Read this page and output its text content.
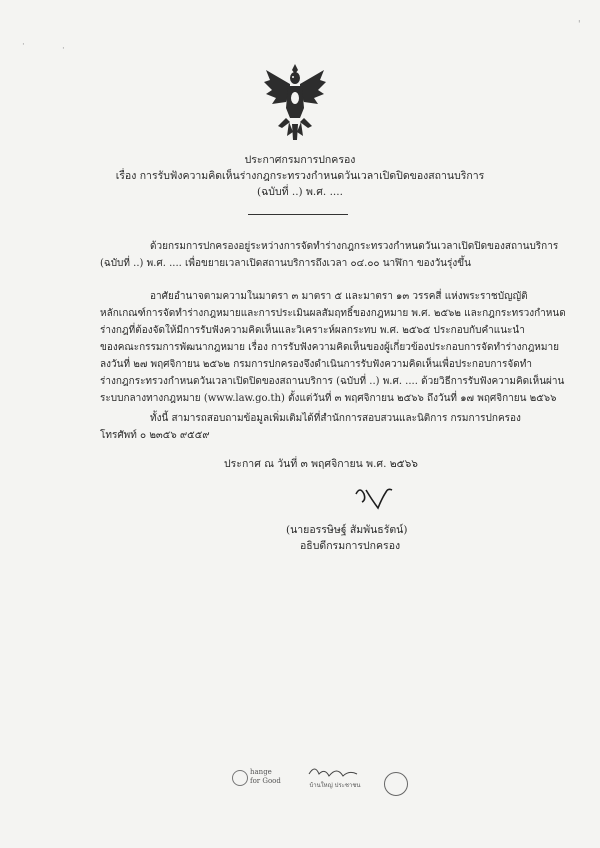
·	·
'
ประกาศกรมการปกครอง
เรื่อง การรับฟังความคิดเห็นร่างกฎกระทรวงกำหนดวันเวลาเปิดปิดของสถานบริการ
(ฉบับที่ ..) พ.ศ. ....
ด้วยกรมการปกครองอยู่ระหว่างการจัดทำร่างกฎกระทรวงกำหนดวันเวลาเปิดปิดของสถานบริการ
(ฉบับที่ ..) พ.ศ. .... เพื่อขยายเวลาเปิดสถานบริการถึงเวลา ๐๔.๐๐ นาฬิกา ของวันรุ่งขึ้น
อาศัยอำนาจตามความในมาตรา ๓ มาตรา ๕ และมาตรา ๑๓ วรรคสี่ แห่งพระราชบัญญัติ
หลักเกณฑ์การจัดทำร่างกฎหมายและการประเมินผลสัมฤทธิ์ของกฎหมาย พ.ศ. ๒๕๖๒ และกฎกระทรวงกำหนด
ร่างกฎที่ต้องจัดให้มีการรับฟังความคิดเห็นและวิเคราะห์ผลกระทบ พ.ศ. ๒๕๖๕ ประกอบกับคำแนะนำ
ของคณะกรรมการพัฒนากฎหมาย เรื่อง การรับฟังความคิดเห็นของผู้เกี่ยวข้องประกอบการจัดทำร่างกฎหมาย
ลงวันที่ ๒๗ พฤศจิกายน ๒๕๖๒ กรมการปกครองจึงดำเนินการรับฟังความคิดเห็นเพื่อประกอบการจัดทำ
ร่างกฎกระทรวงกำหนดวันเวลาเปิดปิดของสถานบริการ (ฉบับที่ ..) พ.ศ. .... ด้วยวิธีการรับฟังความคิดเห็นผ่าน
ระบบกลางทางกฎหมาย (www.law.go.th) ตั้งแต่วันที่ ๓ พฤศจิกายน ๒๕๖๖ ถึงวันที่ ๑๗ พฤศจิกายน ๒๕๖๖
ทั้งนี้ สามารถสอบถามข้อมูลเพิ่มเติมได้ที่สำนักการสอบสวนและนิติการ กรมการปกครอง
โทรศัพท์ ๐ ๒๓๕๖ ๙๕๕๙
ประกาศ ณ วันที่ ๓ พฤศจิกายน พ.ศ. ๒๕๖๖
(นายอรรษิษฐ์ สัมพันธรัตน์)
อธิบดีกรมการปกครอง
hange
for Good
บ้านใหญ่ ประชาชน
